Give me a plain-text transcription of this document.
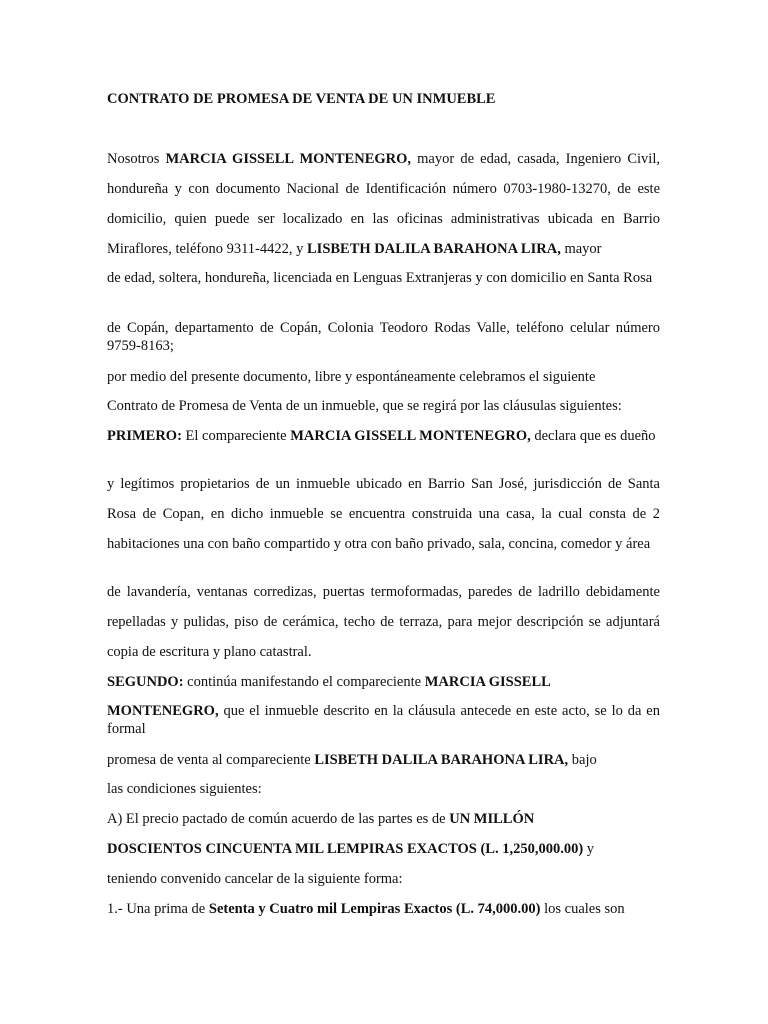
CONTRATO DE PROMESA DE VENTA DE UN INMUEBLE

Nosotros MARCIA GISSELL MONTENEGRO, mayor de edad, casada, Ingeniero Civil,

hondureña y con documento Nacional de Identificación número 0703-1980-13270, de este

domicilio, quien puede ser localizado en las oficinas administrativas ubicada en Barrio

Miraflores, teléfono 9311-4422, y LISBETH DALILA BARAHONA LIRA, mayor

de edad, soltera, hondureña, licenciada en Lenguas Extranjeras y con domicilio en Santa Rosa

de Copán, departamento de Copán, Colonia Teodoro Rodas Valle, teléfono celular número 9759-8163;

por medio del presente documento, libre y espontáneamente celebramos el siguiente

Contrato de Promesa de Venta de un inmueble, que se regirá por las cláusulas siguientes:

PRIMERO: El compareciente MARCIA GISSELL MONTENEGRO, declara que es dueño

y legítimos propietarios de un inmueble ubicado en Barrio San José, jurisdicción de Santa

Rosa de Copan, en dicho inmueble se encuentra construida una casa, la cual consta de 2

habitaciones una con baño compartido y otra con baño privado, sala, concina, comedor y área

de lavandería, ventanas corredizas, puertas termoformadas, paredes de ladrillo debidamente

repelladas y pulidas, piso de cerámica, techo de terraza, para mejor descripción se adjuntará

copia de escritura y plano catastral.

SEGUNDO: continúa manifestando el compareciente MARCIA GISSELL

MONTENEGRO, que el inmueble descrito en la cláusula antecede en este acto, se lo da en formal

promesa de venta al compareciente LISBETH DALILA BARAHONA LIRA, bajo

las condiciones siguientes:

A) El precio pactado de común acuerdo de las partes es de UN MILLÓN

DOSCIENTOS CINCUENTA MIL LEMPIRAS EXACTOS (L. 1,250,000.00) y

teniendo convenido cancelar de la siguiente forma:

1.- Una prima de Setenta y Cuatro mil Lempiras Exactos (L. 74,000.00) los cuales son
